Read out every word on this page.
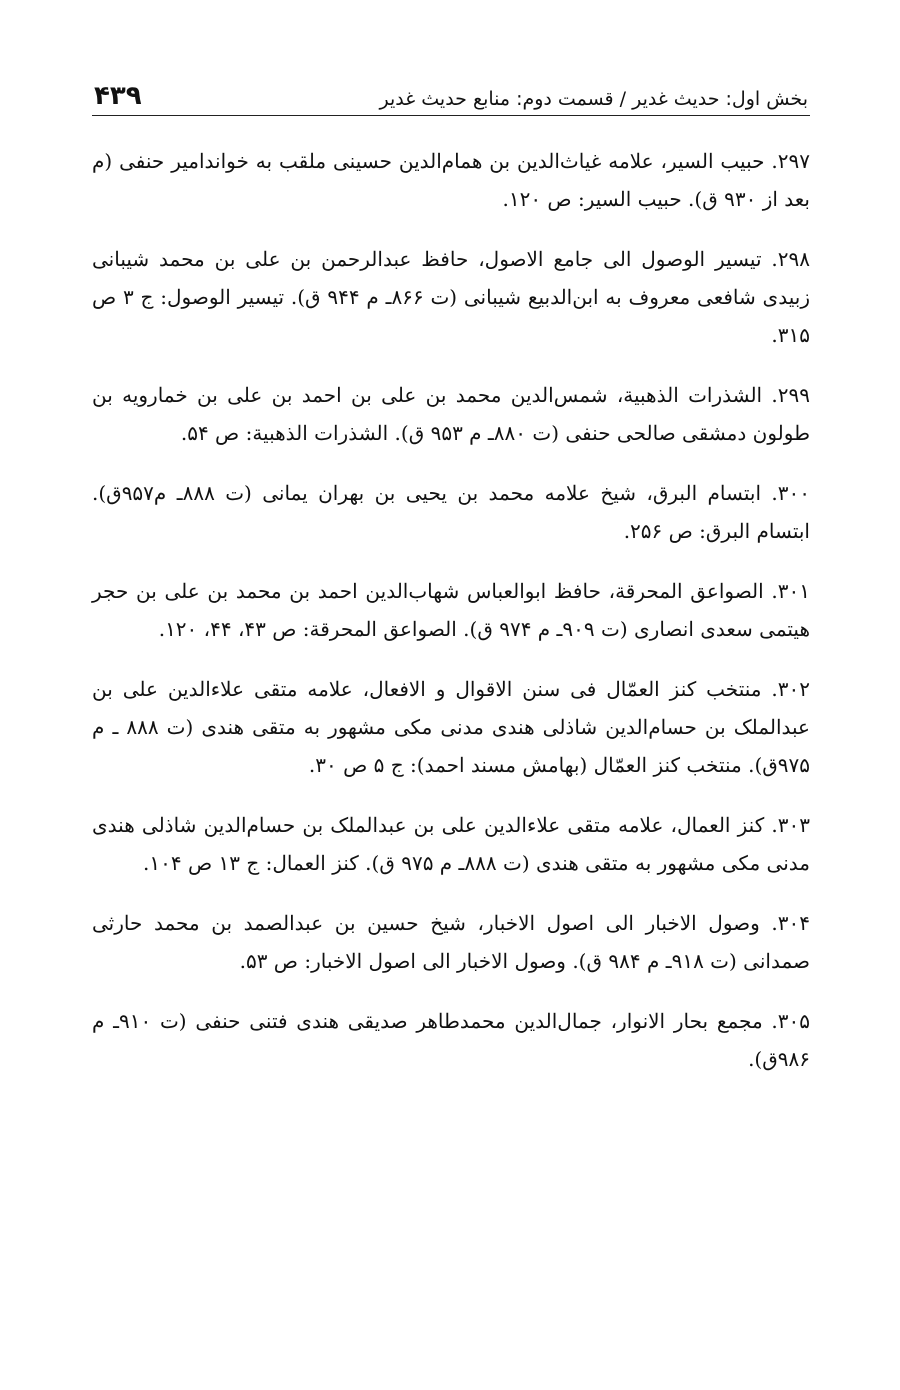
بخش اول: حدیث غدیر / قسمت دوم: منابع حدیث غدیر
۴۳۹

۲۹۷. حبیب السیر، علامه غیاث‌الدین بن همام‌الدین حسینی ملقب به خواندامیر حنفی (م بعد از ۹۳۰ ق). حبیب السیر: ص ۱۲۰.

۲۹۸. تیسیر الوصول الی جامع الاصول، حافظ عبدالرحمن بن علی بن محمد شیبانی زبیدی شافعی معروف به ابن‌الدبیع شیبانی (ت ۸۶۶ـ م ۹۴۴ ق). تیسیر الوصول: ج ۳ ص ۳۱۵.

۲۹۹. الشذرات الذهبیة، شمس‌الدین محمد بن علی بن احمد بن علی بن خمارویه بن طولون دمشقی صالحی حنفی (ت ۸۸۰ـ م ۹۵۳ ق). الشذرات الذهبیة: ص ۵۴.

۳۰۰. ابتسام البرق، شیخ علامه محمد بن یحیی بن بهران یمانی (ت ۸۸۸ـ م۹۵۷ق). ابتسام البرق: ص ۲۵۶.

۳۰۱. الصواعق المحرقة، حافظ ابوالعباس شهاب‌الدین احمد بن محمد بن علی بن حجر هیتمی سعدی انصاری (ت ۹۰۹ـ م ۹۷۴ ق). الصواعق المحرقة: ص ۴۳، ۴۴، ۱۲۰.

۳۰۲. منتخب کنز العمّال فی سنن الاقوال و الافعال، علامه متقی علاءالدین علی بن عبدالملک بن حسام‌الدین شاذلی هندی مدنی مکی مشهور به متقی هندی (ت ۸۸۸ ـ م ۹۷۵ق). منتخب کنز العمّال (بهامش مسند احمد): ج ۵ ص ۳۰.

۳۰۳. کنز العمال، علامه متقی علاءالدین علی بن عبدالملک بن حسام‌الدین شاذلی هندی مدنی مکی مشهور به متقی هندی (ت ۸۸۸ـ م ۹۷۵ ق). کنز العمال: ج ۱۳ ص ۱۰۴.

۳۰۴. وصول الاخبار الی اصول الاخبار، شیخ حسین بن عبدالصمد بن محمد حارثی صمدانی (ت ۹۱۸ـ م ۹۸۴ ق). وصول الاخبار الی اصول الاخبار: ص ۵۳.

۳۰۵. مجمع بحار الانوار، جمال‌الدین محمدطاهر صدیقی هندی فتنی حنفی (ت ۹۱۰ـ م ۹۸۶ق).
